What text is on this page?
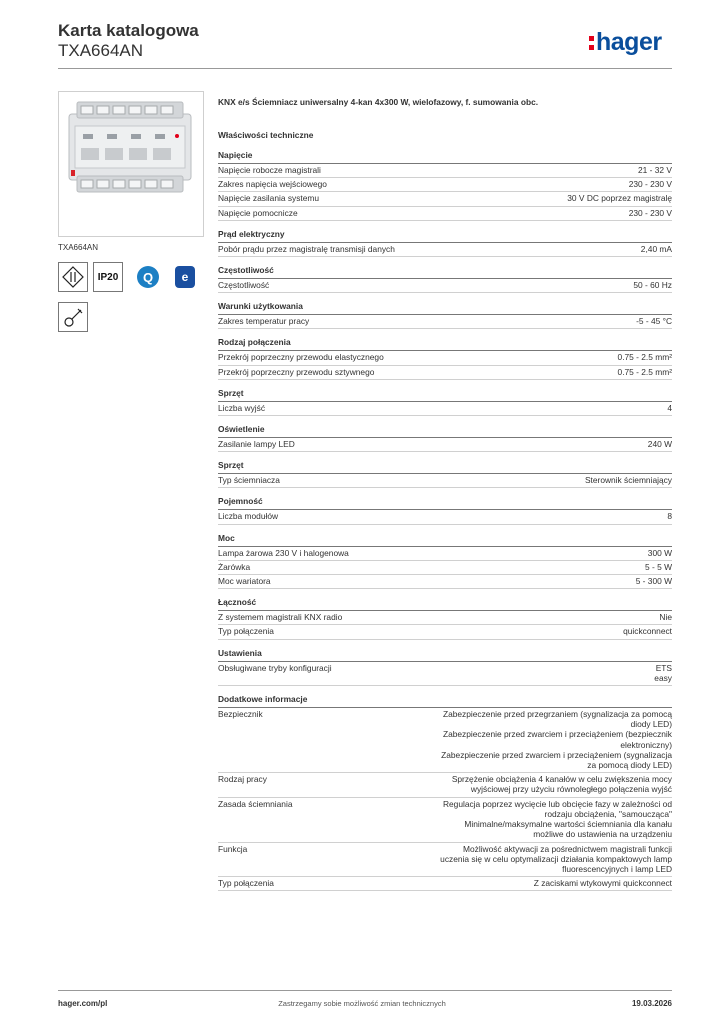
Karta katalogowa
TXA664AN	hager
TXA664AN
IP20	Q	e
KNX e/s Ściemniacz uniwersalny 4-kan 4x300 W, wielofazowy, f. sumowania obc.
Właściwości techniczne
Napięcie
Napięcie robocze magistrali	21 - 32 V
Zakres napięcia wejściowego	230 - 230 V
Napięcie zasilania systemu	30 V DC poprzez magistralę
Napięcie pomocnicze	230 - 230 V
Prąd elektryczny
Pobór prądu przez magistralę transmisji danych	2,40 mA
Częstotliwość
Częstotliwość	50 - 60 Hz
Warunki użytkowania
Zakres temperatur pracy	-5 - 45 °C
Rodzaj połączenia
Przekrój poprzeczny przewodu elastycznego	0.75 - 2.5 mm²
Przekrój poprzeczny przewodu sztywnego	0.75 - 2.5 mm²
Sprzęt
Liczba wyjść	4
Oświetlenie
Zasilanie lampy LED	240 W
Sprzęt
Typ ściemniacza	Sterownik ściemniający
Pojemność
Liczba modułów	8
Moc
Lampa żarowa 230 V i halogenowa	300 W
Żarówka	5 - 5 W
Moc wariatora	5 - 300 W
Łączność
Z systemem magistrali KNX radio	Nie
Typ połączenia	quickconnect
Ustawienia
Obsługiwane tryby konfiguracji	ETS
easy
Dodatkowe informacje
Bezpiecznik	Zabezpieczenie przed przegrzaniem (sygnalizacja za pomocą diody LED)
Zabezpieczenie przed zwarciem i przeciążeniem (bezpiecznik elektroniczny)
Zabezpieczenie przed zwarciem i przeciążeniem (sygnalizacja za pomocą diody LED)
Rodzaj pracy	Sprzężenie obciążenia 4 kanałów w celu zwiększenia mocy wyjściowej przy użyciu równoległego połączenia wyjść
Zasada ściemniania	Regulacja poprzez wycięcie lub obcięcie fazy w zależności od rodzaju obciążenia, "samoucząca"
Minimalne/maksymalne wartości ściemniania dla kanału możliwe do ustawienia na urządzeniu
Funkcja	Możliwość aktywacji za pośrednictwem magistrali funkcji uczenia się w celu optymalizacji działania kompaktowych lamp fluorescencyjnych i lamp LED
Typ połączenia	Z zaciskami wtykowymi quickconnect
hager.com/pl	Zastrzegamy sobie możliwość zmian technicznych	19.03.2026
